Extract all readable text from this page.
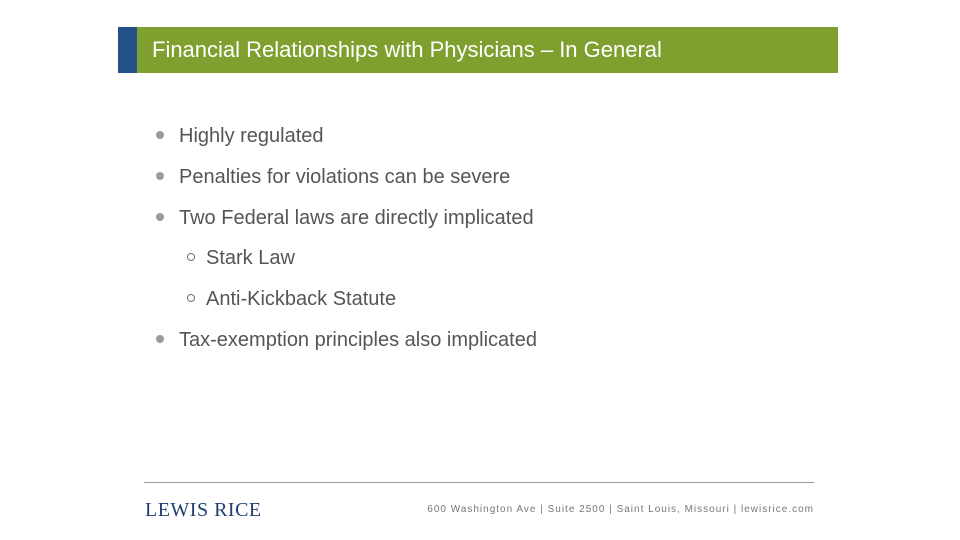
Financial Relationships with Physicians – In General
Highly regulated
Penalties for violations can be severe
Two Federal laws are directly implicated
Stark Law
Anti-Kickback Statute
Tax-exemption principles also implicated
LEWIS RICE	600 Washington Ave | Suite 2500 | Saint Louis, Missouri | lewisrice.com
